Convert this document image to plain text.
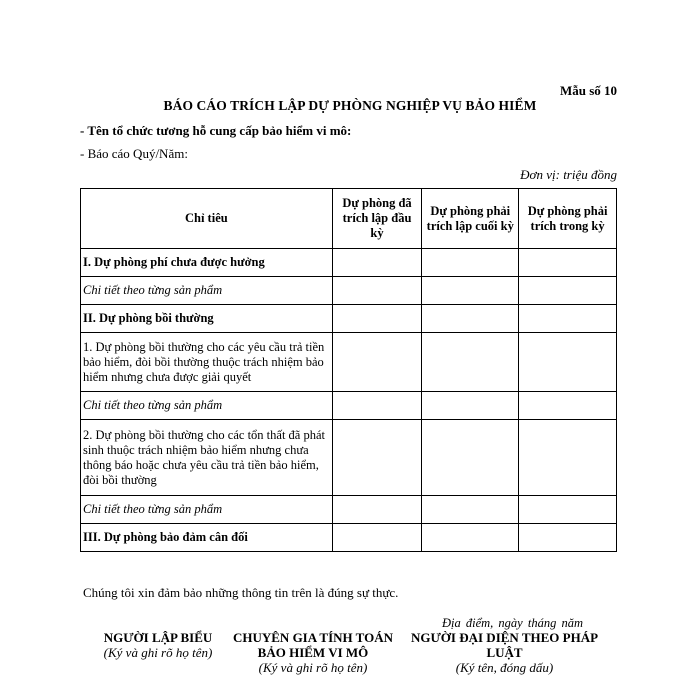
Mẫu số 10
BÁO CÁO TRÍCH LẬP DỰ PHÒNG NGHIỆP VỤ BẢO HIỂM
- Tên tổ chức tương hỗ cung cấp bảo hiểm vi mô:
- Báo cáo Quý/Năm:
Đơn vị: triệu đồng
Chỉ tiêu	Dự phòng đã trích lập đầu kỳ	Dự phòng phải trích lập cuối kỳ	Dự phòng phải trích trong kỳ
I. Dự phòng phí chưa được hưởng			
Chi tiết theo từng sản phẩm			
II. Dự phòng bồi thường			
1. Dự phòng bồi thường cho các yêu cầu trả tiền bảo hiểm, đòi bồi thường thuộc trách nhiệm bảo hiểm nhưng chưa được giải quyết			
Chi tiết theo từng sản phẩm			
2. Dự phòng bồi thường cho các tổn thất đã phát sinh thuộc trách nhiệm bảo hiểm nhưng chưa thông báo hoặc chưa yêu cầu trả tiền bảo hiểm, đòi bồi thường			
Chi tiết theo từng sản phẩm			
III. Dự phòng bảo đảm cân đối			
Chúng tôi xin đảm bảo những thông tin trên là đúng sự thực.
Địa điểm, ngày tháng năm
NGƯỜI LẬP BIỂU
(Ký và ghi rõ họ tên)
CHUYÊN GIA TÍNH TOÁN BẢO HIỂM VI MÔ
(Ký và ghi rõ họ tên)
NGƯỜI ĐẠI DIỆN THEO PHÁP LUẬT
(Ký tên, đóng dấu)
